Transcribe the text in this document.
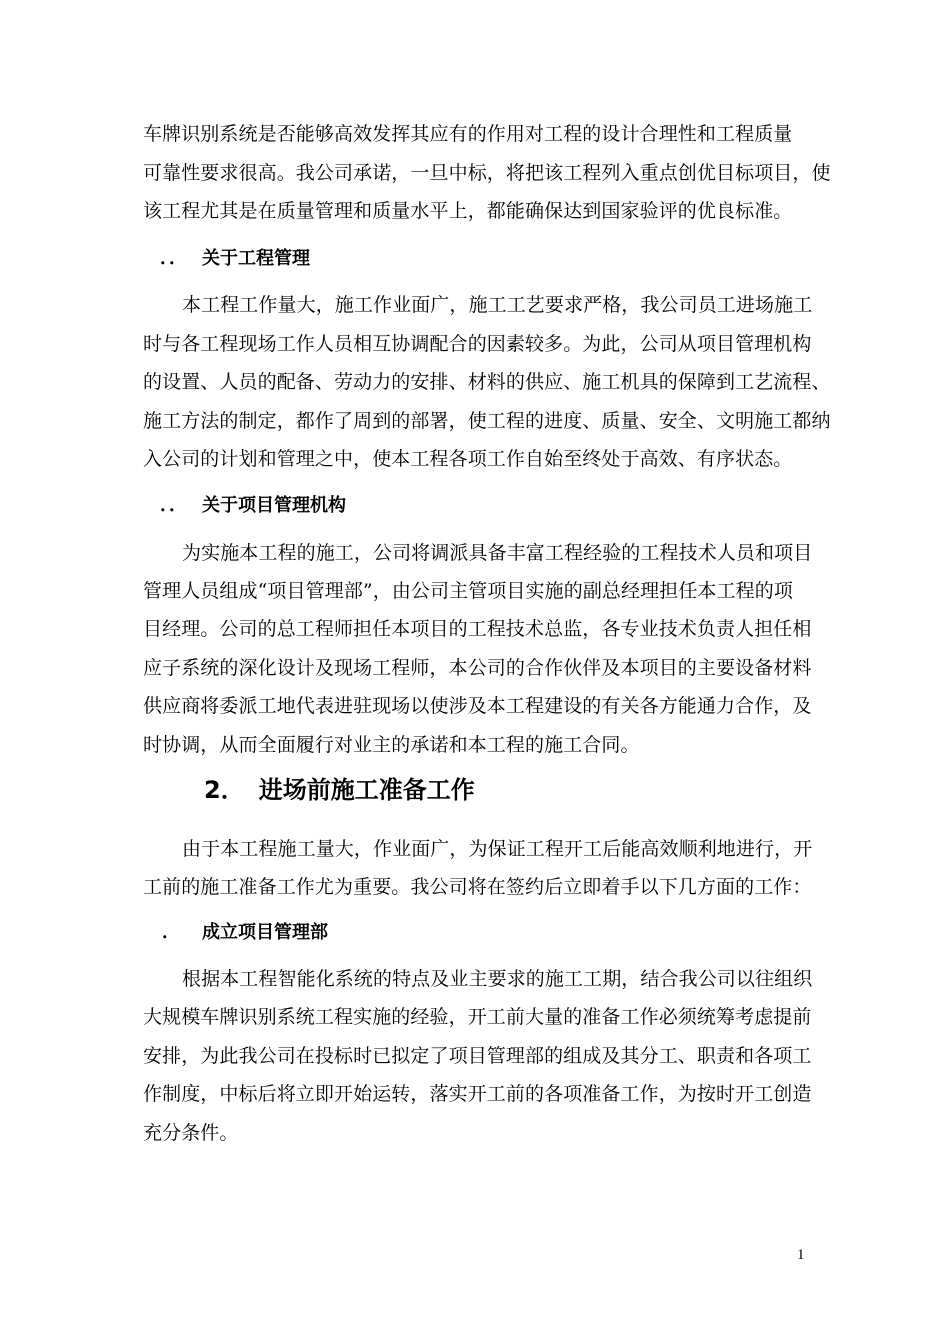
车牌识别系统是否能够高效发挥其应有的作用对工程的设计合理性和工程质量
可靠性要求很高。我公司承诺，一旦中标，将把该工程列入重点创优目标项目，使
该工程尤其是在质量管理和质量水平上，都能确保达到国家验评的优良标准。
．． 关于工程管理
本工程工作量大，施工作业面广，施工工艺要求严格，我公司员工进场施工
时与各工程现场工作人员相互协调配合的因素较多。为此，公司从项目管理机构
的设置、人员的配备、劳动力的安排、材料的供应、施工机具的保障到工艺流程、
施工方法的制定，都作了周到的部署，使工程的进度、质量、安全、文明施工都纳
入公司的计划和管理之中，使本工程各项工作自始至终处于高效、有序状态。
．． 关于项目管理机构
为实施本工程的施工，公司将调派具备丰富工程经验的工程技术人员和项目
管理人员组成“项目管理部”，由公司主管项目实施的副总经理担任本工程的项
目经理。公司的总工程师担任本项目的工程技术总监，各专业技术负责人担任相
应子系统的深化设计及现场工程师，本公司的合作伙伴及本项目的主要设备材料
供应商将委派工地代表进驻现场以使涉及本工程建设的有关各方能通力合作，及
时协调，从而全面履行对业主的承诺和本工程的施工合同。
2． 进场前施工准备工作
由于本工程施工量大，作业面广，为保证工程开工后能高效顺利地进行，开
工前的施工准备工作尤为重要。我公司将在签约后立即着手以下几方面的工作：
． 成立项目管理部
根据本工程智能化系统的特点及业主要求的施工工期，结合我公司以往组织
大规模车牌识别系统工程实施的经验，开工前大量的准备工作必须统筹考虑提前
安排，为此我公司在投标时已拟定了项目管理部的组成及其分工、职责和各项工
作制度，中标后将立即开始运转，落实开工前的各项准备工作，为按时开工创造
充分条件。
1
